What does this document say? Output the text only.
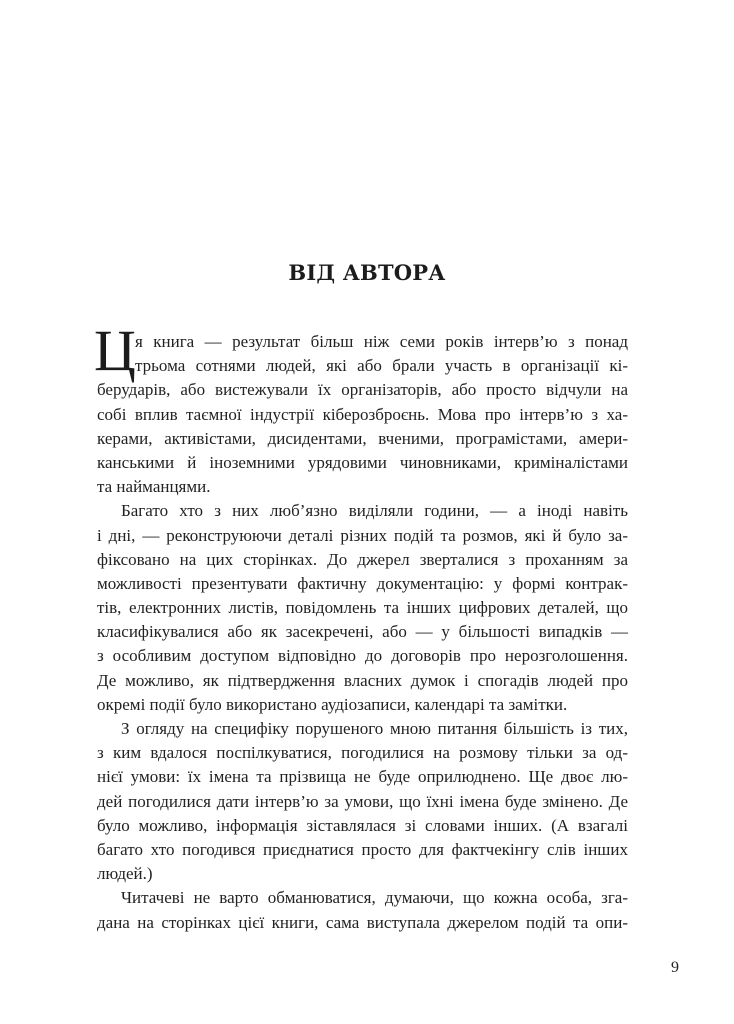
ВІД АВТОРА
Ц я книга — результат більш ніж семи років інтерв’ю з понад
трьома сотнями людей, які або брали участь в організації кі-
берударів, або вистежували їх організаторів, або просто відчули на
собі вплив таємної індустрії кіберозброєнь. Мова про інтерв’ю з ха-
керами, активістами, дисидентами, вченими, програмістами, амери-
канськими й іноземними урядовими чиновниками, криміналістами
та найманцями.
Багато хто з них люб’язно виділяли години, — а іноді навіть
і дні, — реконструюючи деталі різних подій та розмов, які й було за-
фіксовано на цих сторінках. До джерел зверталися з проханням за
можливості презентувати фактичну документацію: у формі контрак-
тів, електронних листів, повідомлень та інших цифрових деталей, що
класифікувалися або як засекречені, або — у більшості випадків —
з особливим доступом відповідно до договорів про нерозголошення.
Де можливо, як підтвердження власних думок і спогадів людей про
окремі події було використано аудіозаписи, календарі та замітки.
З огляду на специфіку порушеного мною питання більшість із тих,
з ким вдалося поспілкуватися, погодилися на розмову тільки за од-
нієї умови: їх імена та прізвища не буде оприлюднено. Ще двоє лю-
дей погодилися дати інтерв’ю за умови, що їхні імена буде змінено. Де
було можливо, інформація зіставлялася зі словами інших. (А взагалі
багато хто погодився приєднатися просто для фактчекінгу слів інших
людей.)
Читачеві не варто обманюватися, думаючи, що кожна особа, зга-
дана на сторінках цієї книги, сама виступала джерелом подій та опи-
9
